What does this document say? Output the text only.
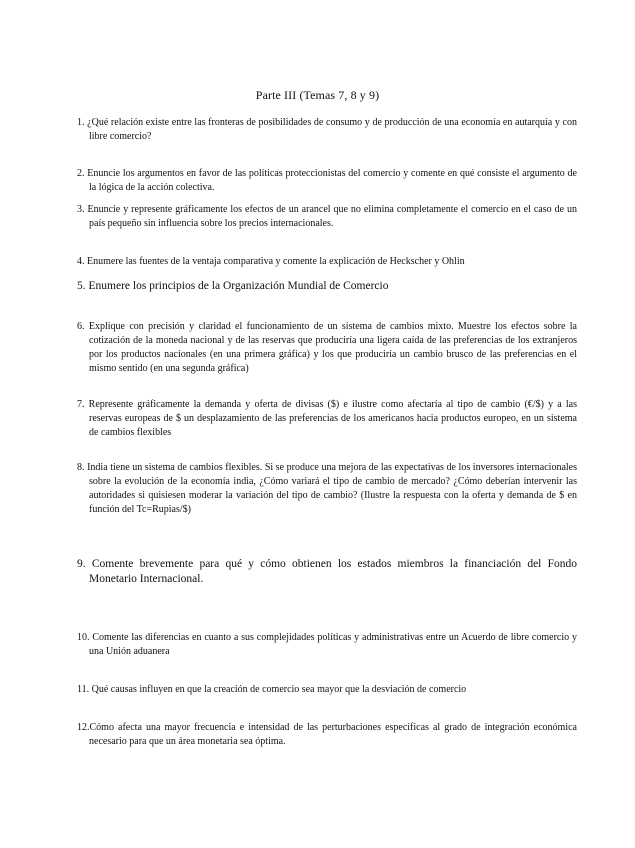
Parte III (Temas 7, 8 y 9)
1. ¿Qué relación existe entre las fronteras de posibilidades de consumo y de producción de una economía en autarquía y con libre comercio?
2. Enuncie los argumentos en favor de las políticas proteccionistas del comercio y comente en qué consiste el argumento de la lógica de la acción colectiva.
3. Enuncie y represente gráficamente los efectos de un arancel que no elimina completamente el comercio en el caso de un país pequeño sin influencia sobre los precios internacionales.
4. Enumere las fuentes de la ventaja comparativa y comente la explicación de Heckscher y Ohlin
5. Enumere los principios de la Organización Mundial de Comercio
6. Explique con precisión y claridad el funcionamiento de un sistema de cambios mixto. Muestre los efectos sobre la cotización de la moneda nacional y de las reservas que produciría una ligera caída de las preferencias de los extranjeros por los productos nacionales (en una primera gráfica) y los que produciría un cambio brusco de las preferencias en el mismo sentido (en una segunda gráfica)
7. Represente gráficamente la demanda y oferta de divisas ($) e ilustre como afectaría al tipo de cambio (€/$) y a las reservas europeas de $ un desplazamiento de las preferencias de los americanos hacia productos europeo, en un sistema de cambios flexibles
8. India tiene un sistema de cambios flexibles. Si se produce una mejora de las expectativas de los inversores internacionales sobre la evolución de la economía india, ¿Cómo variará el tipo de cambio de mercado? ¿Cómo deberían intervenir las autoridades si quisiesen moderar la variación del tipo de cambio? (Ilustre la respuesta con la oferta y demanda de $ en función del Tc=Rupias/$)
9. Comente brevemente para qué y cómo obtienen los estados miembros la financiación del Fondo Monetario Internacional.
10. Comente las diferencias en cuanto a sus complejidades políticas y administrativas entre un Acuerdo de libre comercio y una Unión aduanera
11. Qué causas influyen en que la creación de comercio sea mayor que la desviación de comercio
12.Cómo afecta una mayor frecuencia e intensidad de las perturbaciones específicas al grado de integración económica necesario para que un área monetaria sea óptima.
